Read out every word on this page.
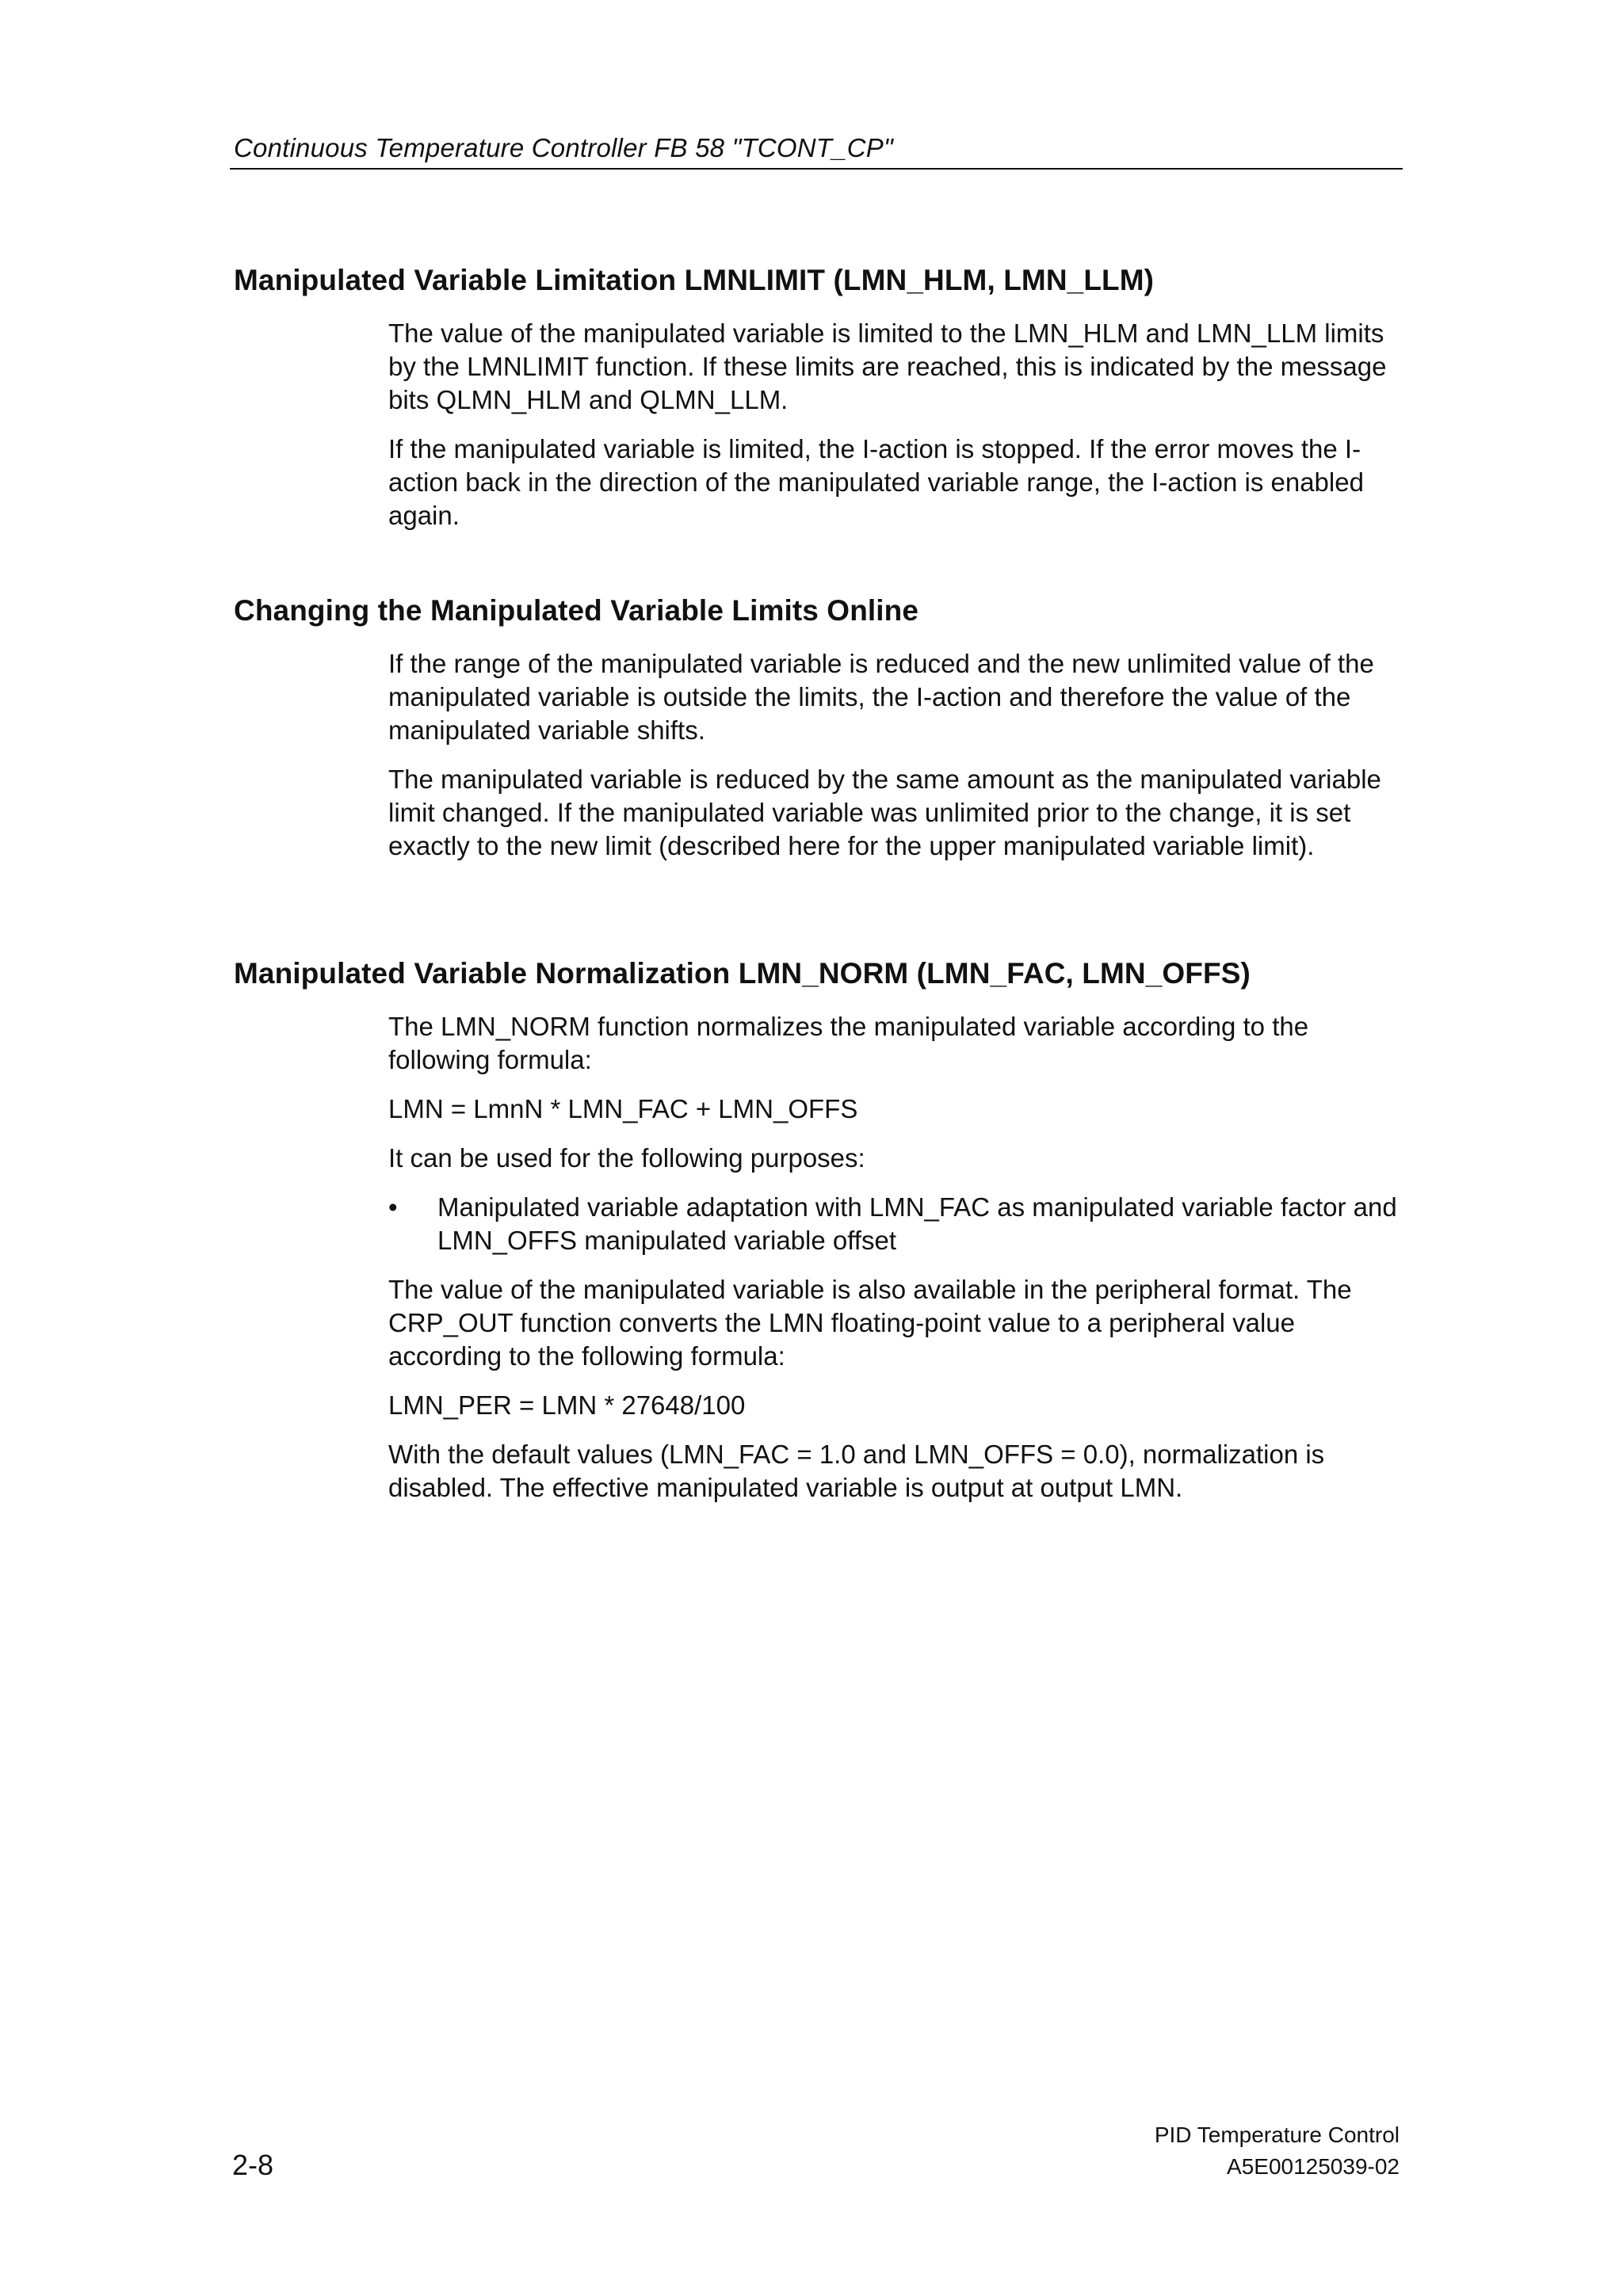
Continuous Temperature Controller FB 58 "TCONT_CP"
Manipulated Variable Limitation LMNLIMIT (LMN_HLM, LMN_LLM)

The value of the manipulated variable is limited to the LMN_HLM and LMN_LLM limits by the LMNLIMIT function. If these limits are reached, this is indicated by the message bits QLMN_HLM and QLMN_LLM.

If the manipulated variable is limited, the I-action is stopped. If the error moves the I-action back in the direction of the manipulated variable range, the I-action is enabled again.

Changing the Manipulated Variable Limits Online

If the range of the manipulated variable is reduced and the new unlimited value of the manipulated variable is outside the limits, the I-action and therefore the value of the manipulated variable shifts.

The manipulated variable is reduced by the same amount as the manipulated variable limit changed. If the manipulated variable was unlimited prior to the change, it is set exactly to the new limit (described here for the upper manipulated variable limit).

Manipulated Variable Normalization LMN_NORM (LMN_FAC, LMN_OFFS)

The LMN_NORM function normalizes the manipulated variable according to the following formula:

LMN = LmnN * LMN_FAC + LMN_OFFS

It can be used for the following purposes:

•	Manipulated variable adaptation with LMN_FAC as manipulated variable factor and LMN_OFFS manipulated variable offset

The value of the manipulated variable is also available in the peripheral format. The CRP_OUT function converts the LMN floating-point value to a peripheral value according to the following formula:

LMN_PER = LMN * 27648/100

With the default values (LMN_FAC = 1.0 and LMN_OFFS = 0.0), normalization is disabled. The effective manipulated variable is output at output LMN.

2-8
PID Temperature Control
A5E00125039-02
